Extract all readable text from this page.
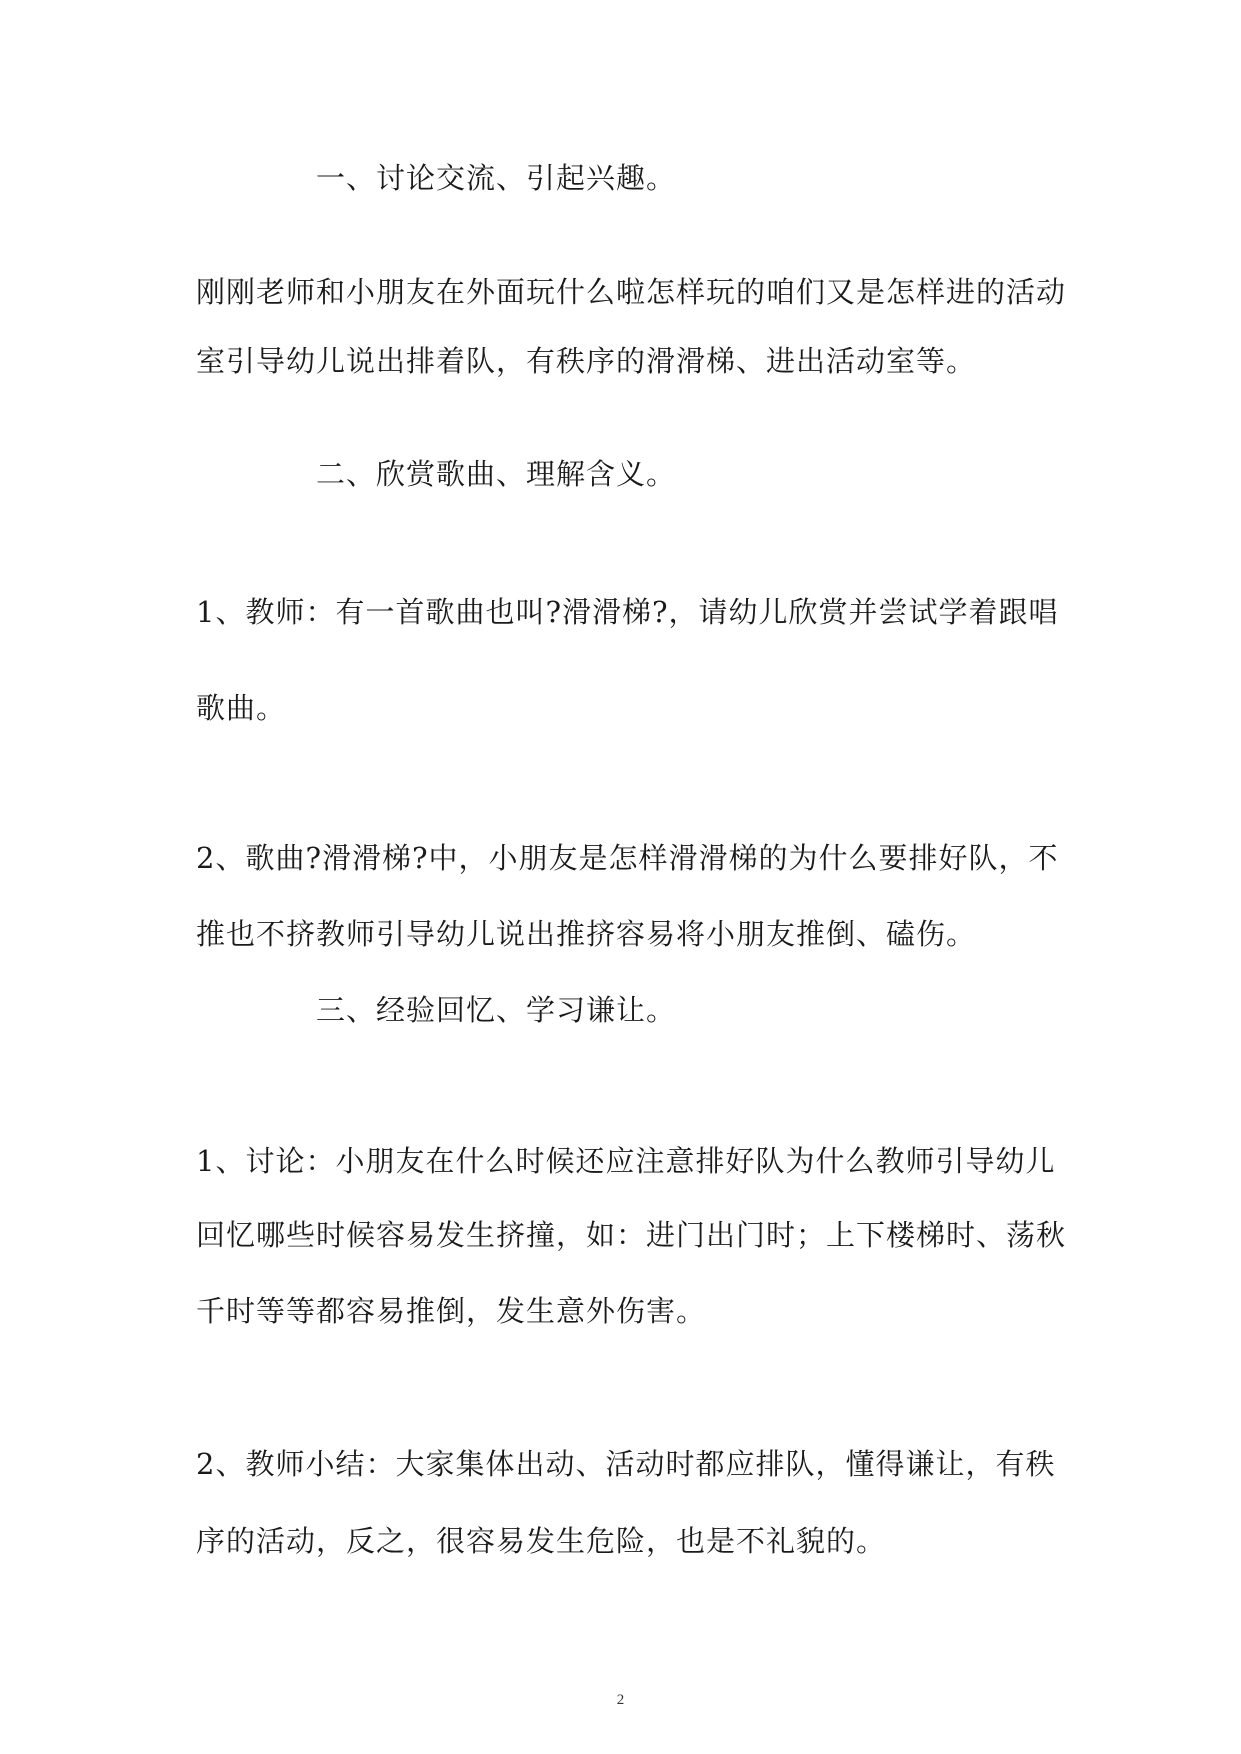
一、讨论交流、引起兴趣。
刚刚老师和小朋友在外面玩什么啦怎样玩的咱们又是怎样进的活动
室引导幼儿说出排着队，有秩序的滑滑梯、进出活动室等。
二、欣赏歌曲、理解含义。
1、教师：有一首歌曲也叫?滑滑梯?，请幼儿欣赏并尝试学着跟唱
歌曲。
2、歌曲?滑滑梯?中，小朋友是怎样滑滑梯的为什么要排好队，不
推也不挤教师引导幼儿说出推挤容易将小朋友推倒、磕伤。
三、经验回忆、学习谦让。
1、讨论：小朋友在什么时候还应注意排好队为什么教师引导幼儿
回忆哪些时候容易发生挤撞，如：进门出门时；上下楼梯时、荡秋
千时等等都容易推倒，发生意外伤害。
2、教师小结：大家集体出动、活动时都应排队，懂得谦让，有秩
序的活动，反之，很容易发生危险，也是不礼貌的。
2
